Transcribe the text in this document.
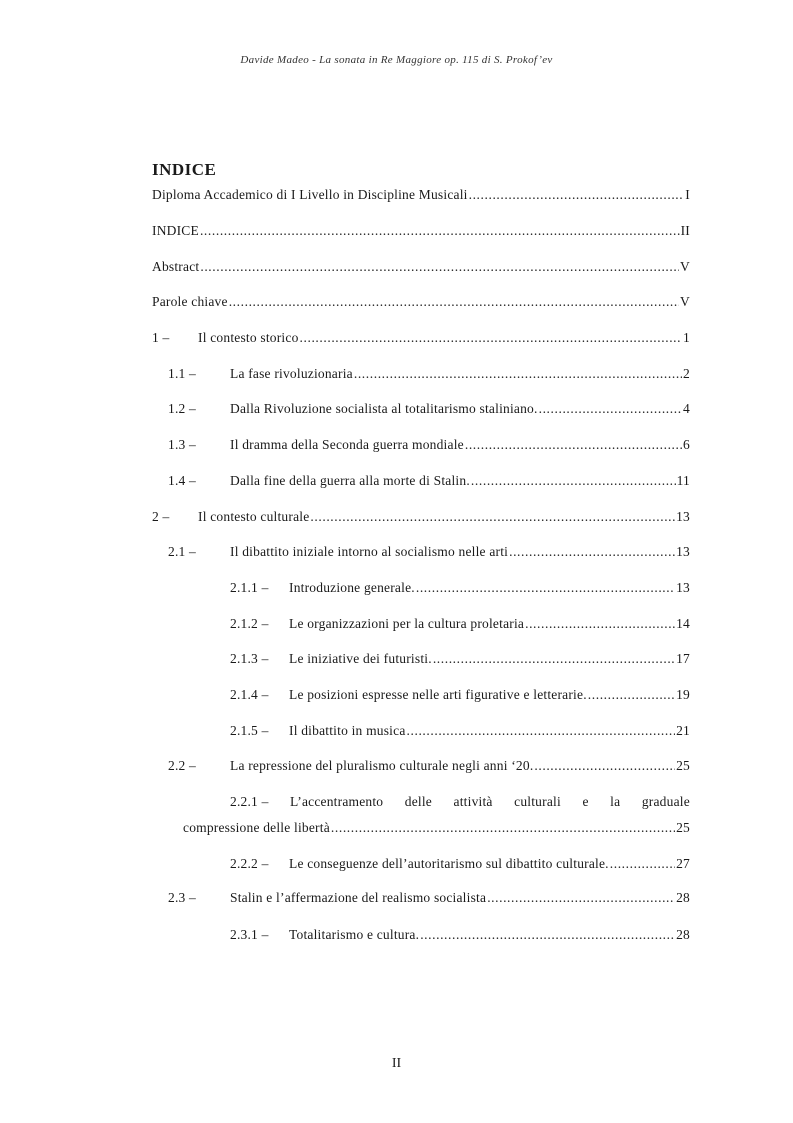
Davide Madeo - La sonata in Re Maggiore op. 115 di S. Prokof’ev
INDICE
Diploma Accademico di I Livello in Discipline Musicali .....	I
INDICE .....	II
Abstract .....	V
Parole chiave .....	V
1 –	Il contesto storico .....	1
1.1 –	La fase rivoluzionaria .....	2
1.2 –	Dalla Rivoluzione socialista al totalitarismo staliniano. .....	4
1.3 –	Il dramma della Seconda guerra mondiale .....	6
1.4 –	Dalla fine della guerra alla morte di Stalin. .....	11
2 –	Il contesto culturale .....	13
2.1 –	Il dibattito iniziale intorno al socialismo nelle arti .....	13
2.1.1 –	Introduzione generale. .....	13
2.1.2 –	Le organizzazioni per la cultura proletaria .....	14
2.1.3 –	Le iniziative dei futuristi. .....	17
2.1.4 –	Le posizioni espresse nelle arti figurative e letterarie. .....	19
2.1.5 –	Il dibattito in musica .....	21
2.2 –	La repressione del pluralismo culturale negli anni ‘20. .....	25
2.2.1 – L’accentramento delle attività culturali e la graduale
compressione delle libertà .....	25
2.2.2 –	Le conseguenze dell’autoritarismo sul dibattito culturale. .....	27
2.3 –	Stalin e l’affermazione del realismo socialista .....	28
2.3.1 –	Totalitarismo e cultura. .....	28
II
